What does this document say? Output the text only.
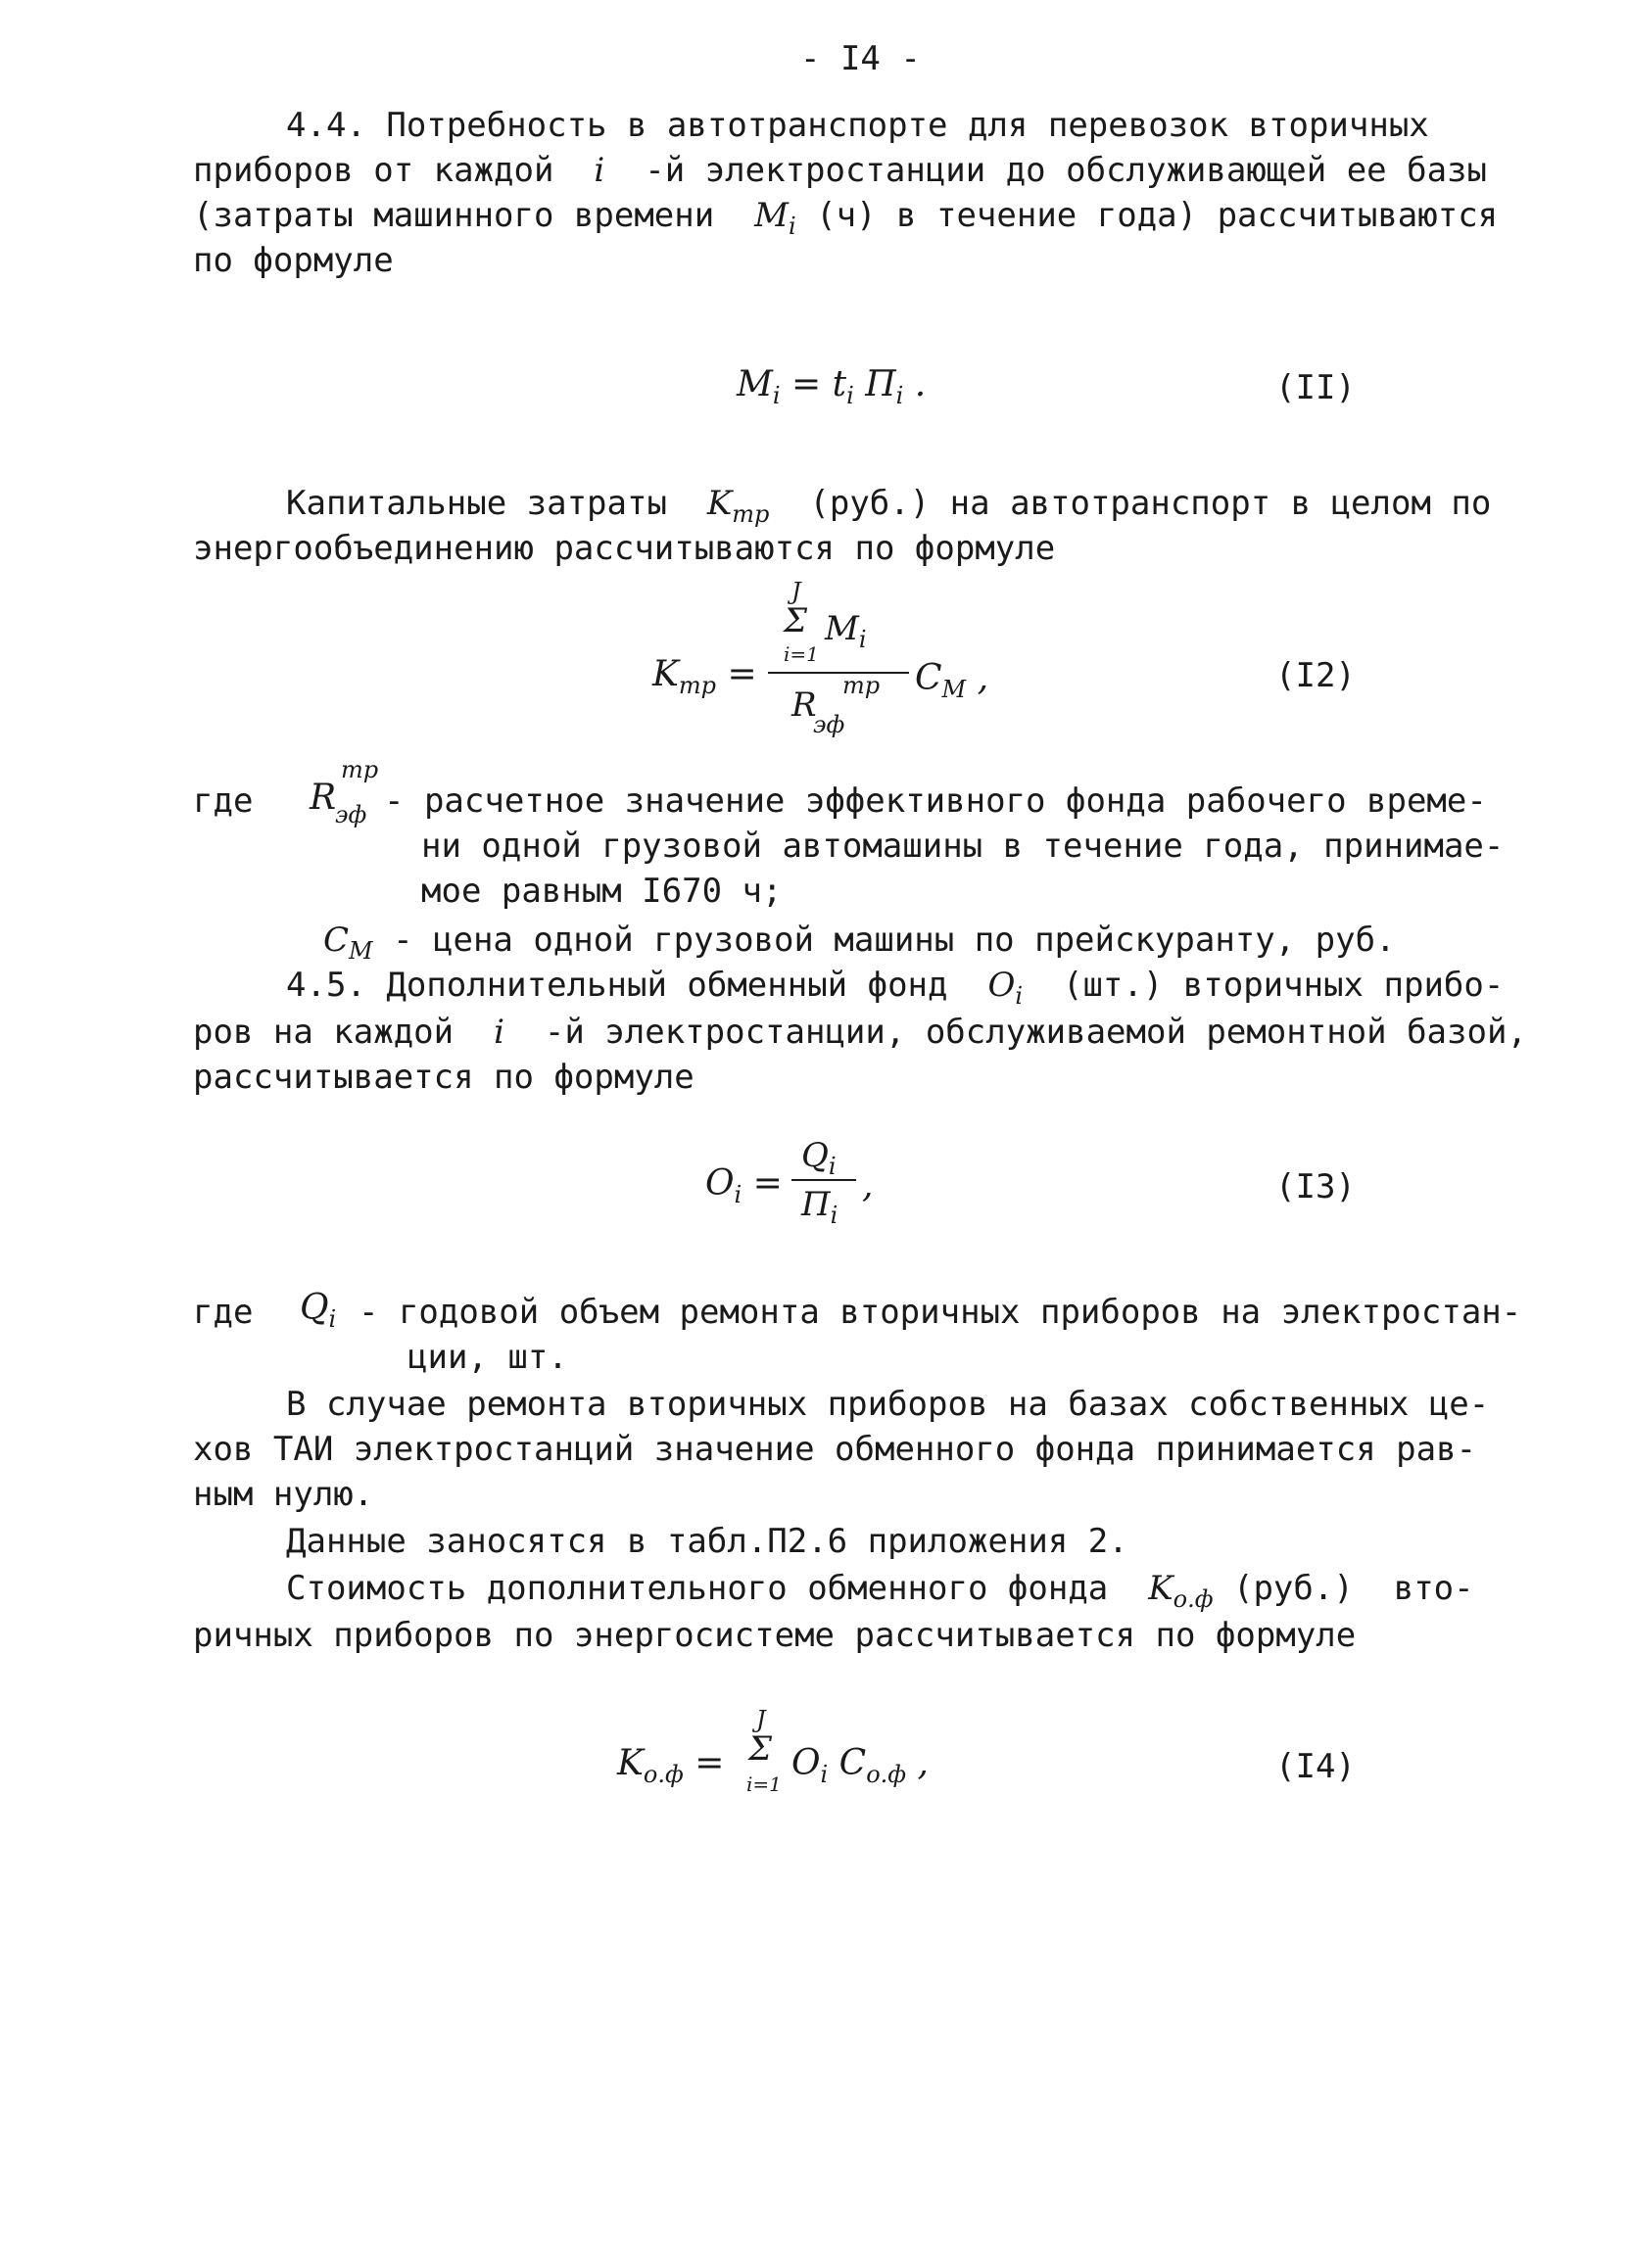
- I4 -
4.4. Потребность в автотранспорте для перевозок вторичных
приборов от каждой i -й электростанции до обслуживающей ее базы
(затраты машинного времени $M_i$ (ч) в течение года) рассчитываются
по формуле
$M_i = t_i$ $П_i$ .	(II)
Капитальные затраты $K_{тр}$ (руб.) на автотранспорт в целом по
энергообъединению рассчитываются по формуле
$K_{тр}$ =
J
Σ $M_i$
i=1
тр
R
эф
$C_M$ ,	(I2)
где
тр
R
эф - расчетное значение эффективного фонда рабочего време-
ни одной грузовой автомашины в течение года, принимае-
мое равным I670 ч;
$C_M$ - цена одной грузовой машины по прейскуранту, руб.
4.5. Дополнительный обменный фонд $O_i$ (шт.) вторичных прибо-
ров на каждой i -й электростанции, обслуживаемой ремонтной базой,
рассчитывается по формуле
$O_i$ =
$Q_i$
$П_i$
,	(I3)
где $Q_i$ - годовой объем ремонта вторичных приборов на электростан-
ции, шт.
В случае ремонта вторичных приборов на базах собственных це-
хов ТАИ электростанций значение обменного фонда принимается рав-
ным нулю.
Данные заносятся в табл.П2.6 приложения 2.
Стоимость дополнительного обменного фонда $K_{о.ф}$ (руб.)  вто-
ричных приборов по энергосистеме рассчитывается по формуле
$K_{о.ф}$ =
J
Σ
i=1
$O_i$ $C_{о.ф}$ ,	(I4)
